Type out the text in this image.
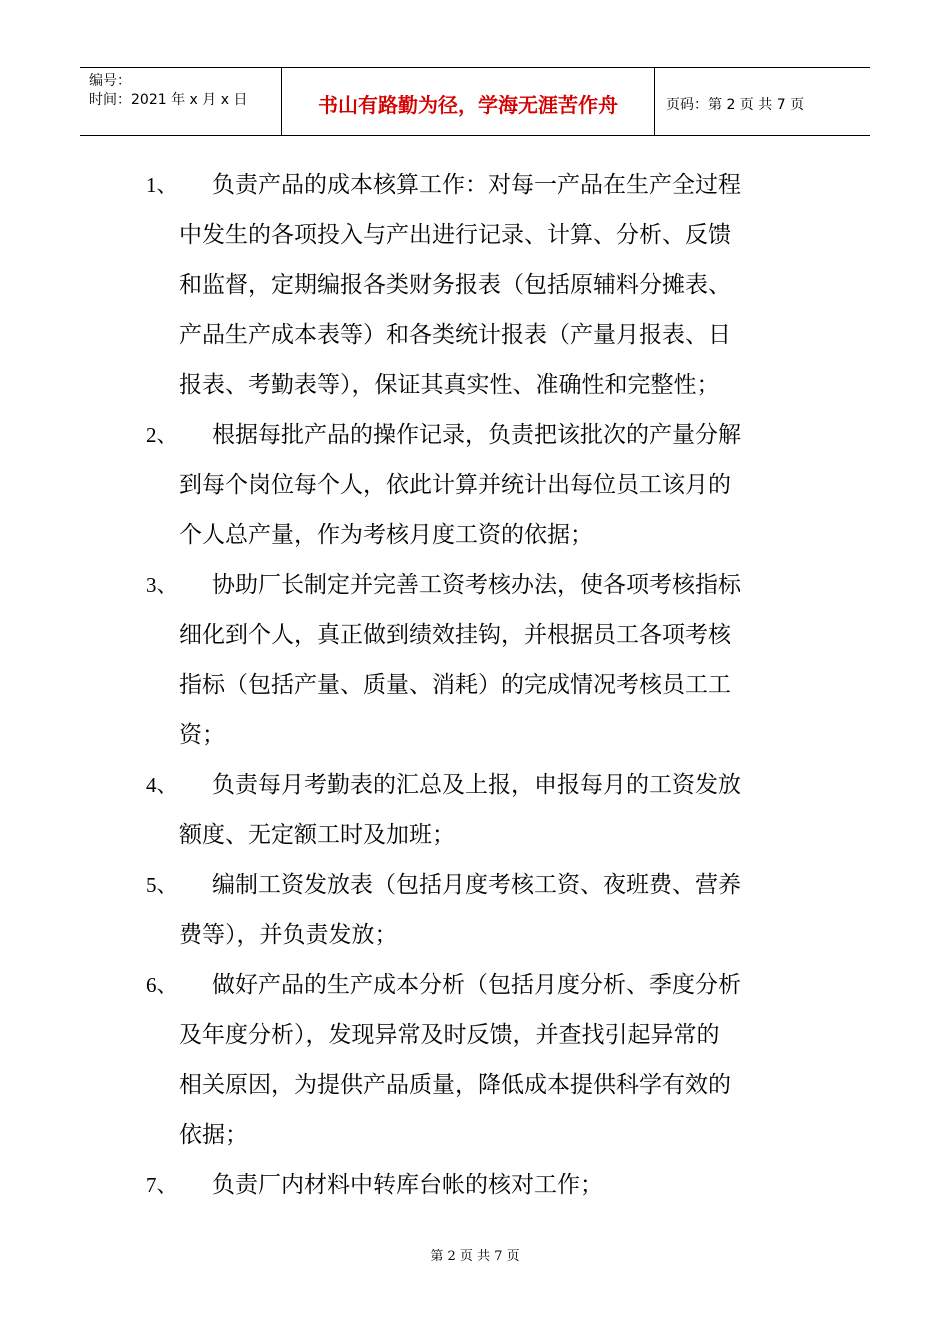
编号：
时间：2021 年 x 月 x 日	书山有路勤为径，学海无涯苦作舟	页码：第 2 页 共 7 页
1、	负责产品的成本核算工作：对每一产品在生产全过程
中发生的各项投入与产出进行记录、计算、分析、反馈
和监督，定期编报各类财务报表（包括原辅料分摊表、
产品生产成本表等）和各类统计报表（产量月报表、日
报表、考勤表等），保证其真实性、准确性和完整性；
2、	根据每批产品的操作记录，负责把该批次的产量分解
到每个岗位每个人，依此计算并统计出每位员工该月的
个人总产量，作为考核月度工资的依据；
3、	协助厂长制定并完善工资考核办法，使各项考核指标
细化到个人，真正做到绩效挂钩，并根据员工各项考核
指标（包括产量、质量、消耗）的完成情况考核员工工
资；
4、	负责每月考勤表的汇总及上报，申报每月的工资发放
额度、无定额工时及加班；
5、	编制工资发放表（包括月度考核工资、夜班费、营养
费等），并负责发放；
6、	做好产品的生产成本分析（包括月度分析、季度分析
及年度分析），发现异常及时反馈，并查找引起异常的
相关原因，为提供产品质量，降低成本提供科学有效的
依据；
7、	负责厂内材料中转库台帐的核对工作；
第 2 页 共 7 页
